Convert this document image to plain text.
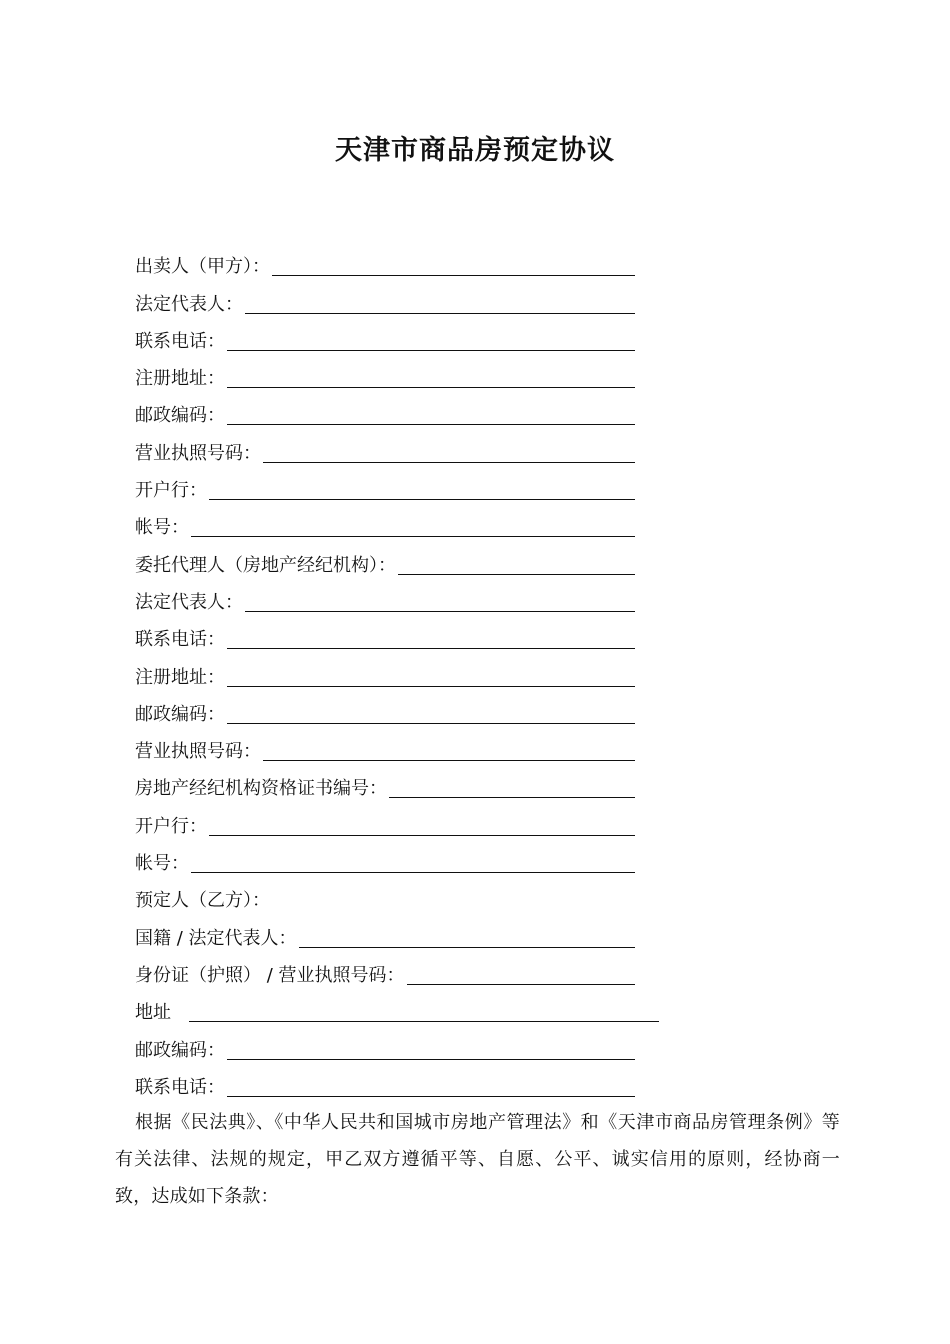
天津市商品房预定协议
出卖人（甲方）：
法定代表人：
联系电话：
注册地址：
邮政编码：
营业执照号码：
开户行：
帐号：
委托代理人（房地产经纪机构）：
法定代表人：
联系电话：
注册地址：
邮政编码：
营业执照号码：
房地产经纪机构资格证书编号：
开户行：
帐号：
预定人（乙方）：
国籍 / 法定代表人：
身份证（护照） / 营业执照号码：
地址
邮政编码：
联系电话：
根据《民法典》、《中华人民共和国城市房地产管理法》和《天津市商品房管理条例》等有关法律、法规的规定，甲乙双方遵循平等、自愿、公平、诚实信用的原则，经协商一致，达成如下条款：
